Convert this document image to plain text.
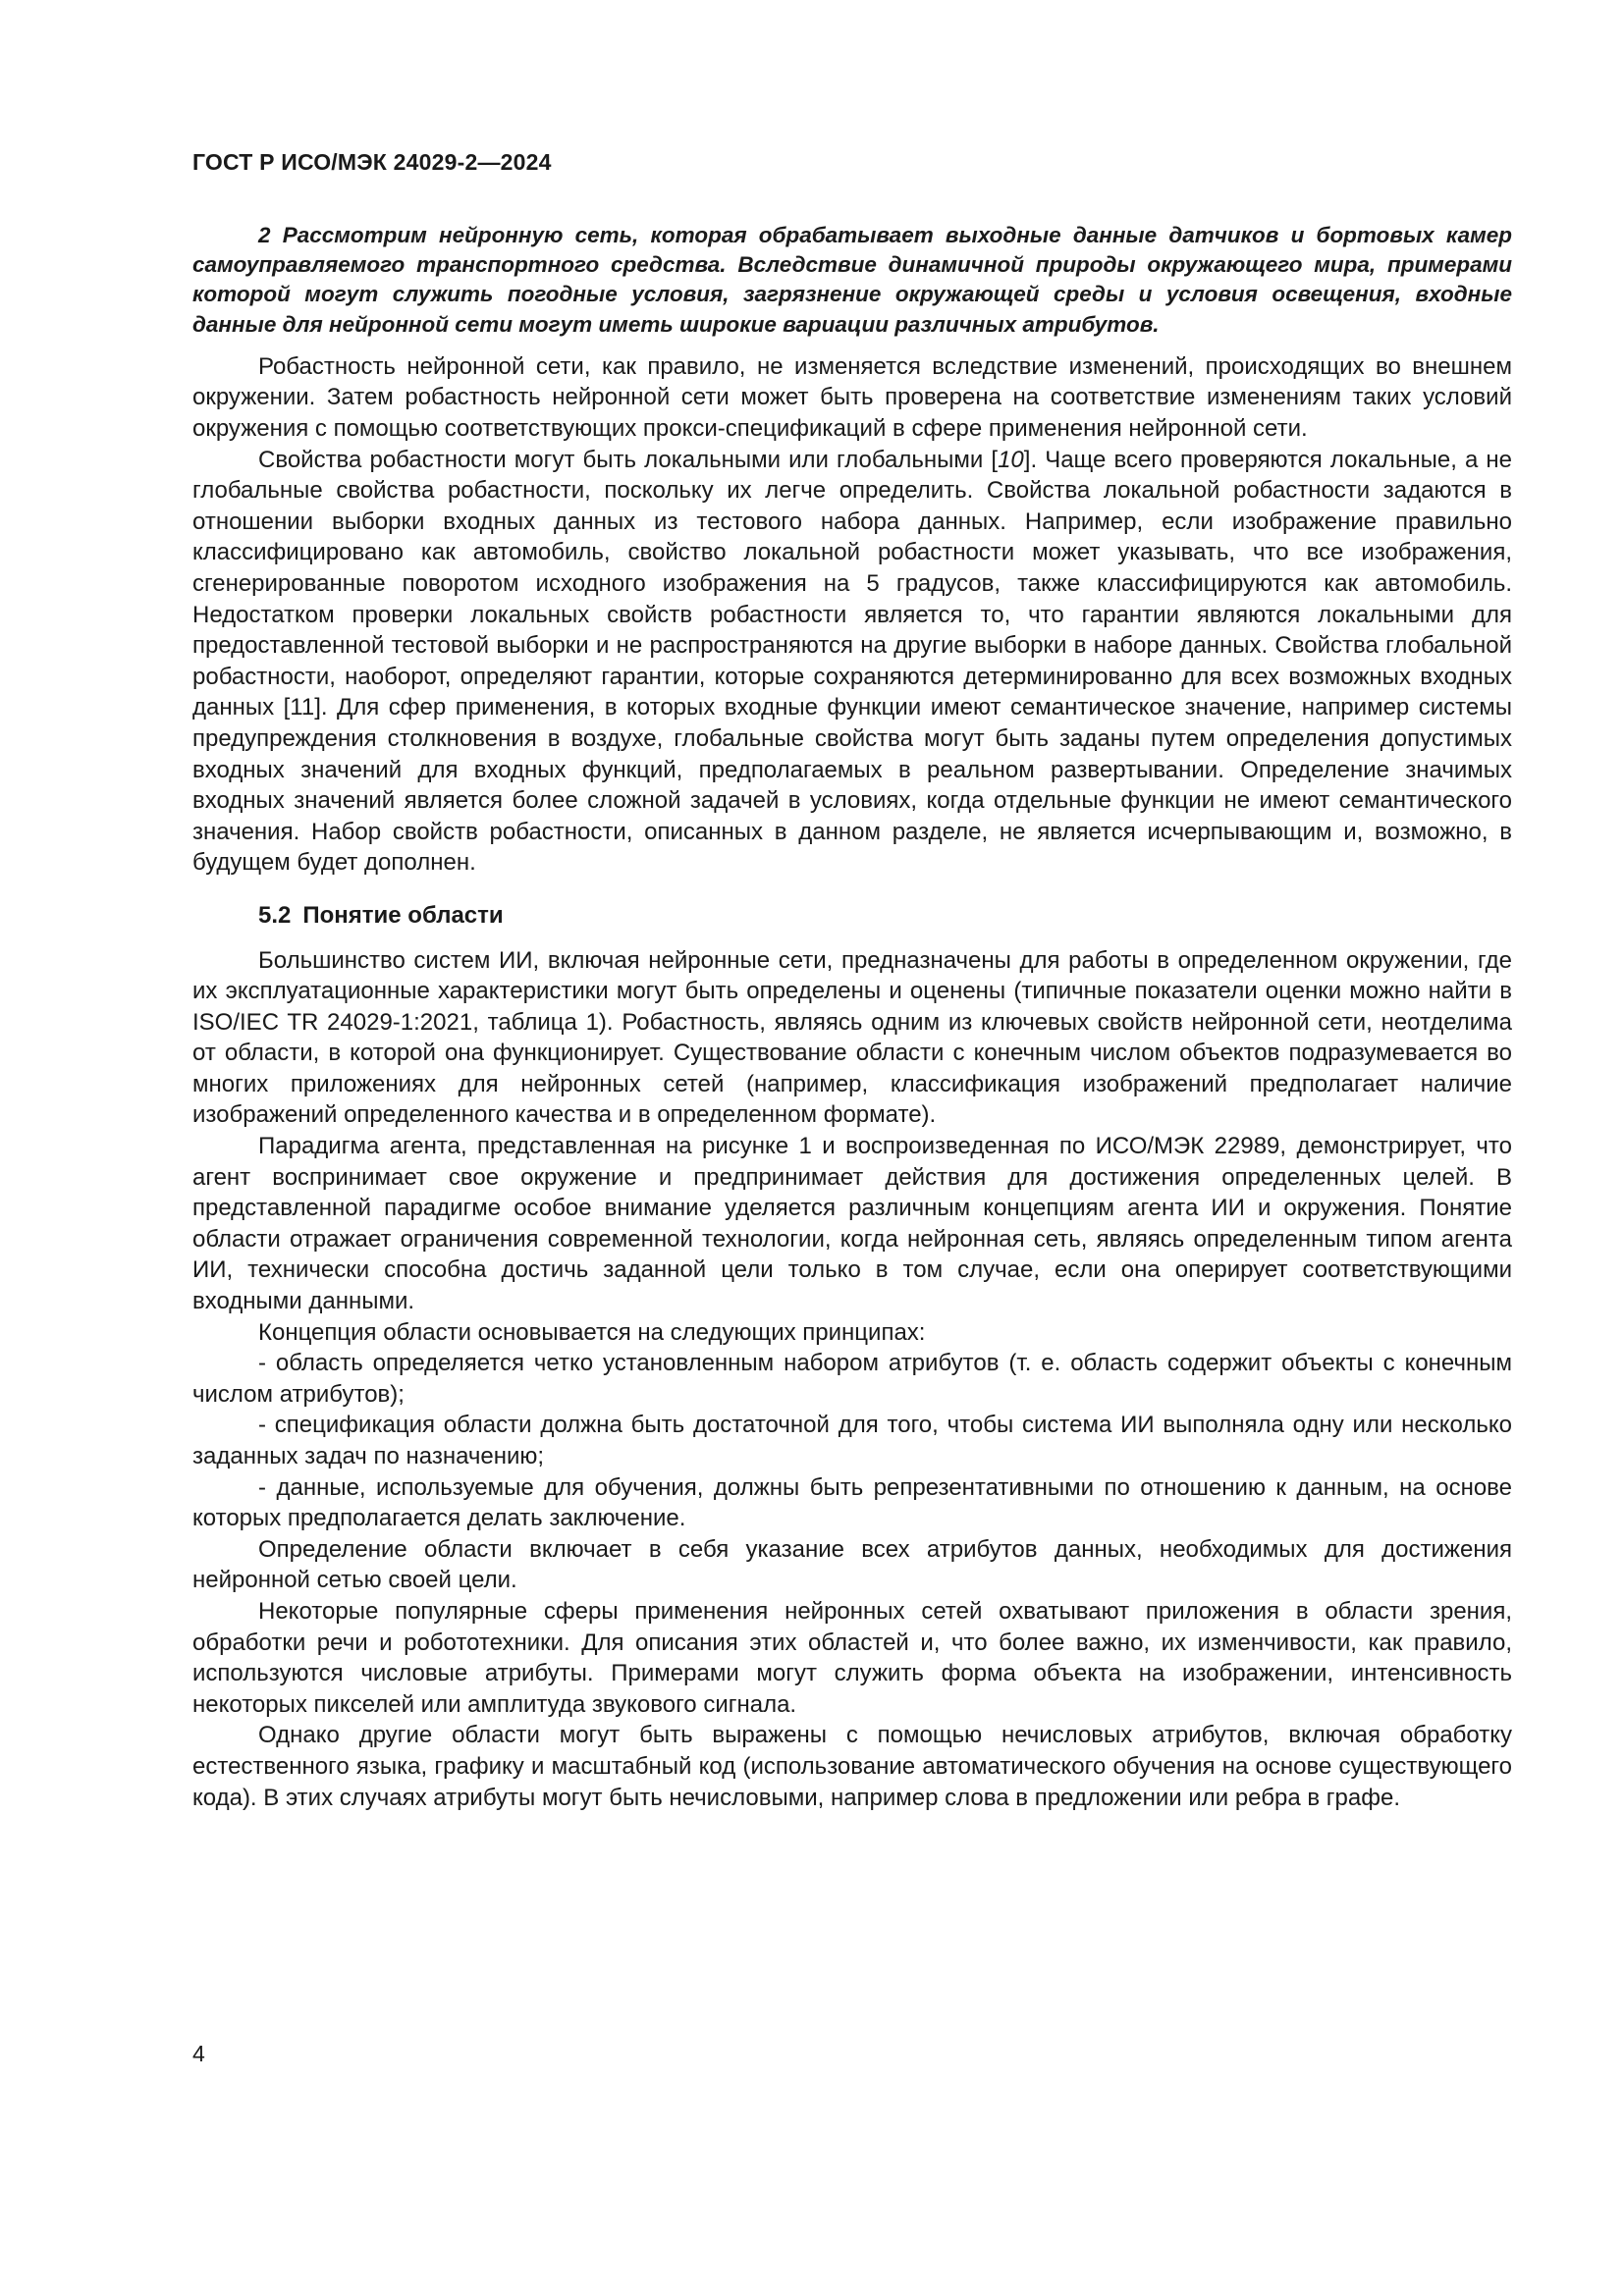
ГОСТ Р ИСО/МЭК 24029-2—2024

2 Рассмотрим нейронную сеть, которая обрабатывает выходные данные датчиков и бортовых камер самоуправляемого транспортного средства. Вследствие динамичной природы окружающего мира, примерами которой могут служить погодные условия, загрязнение окружающей среды и условия освещения, входные данные для нейронной сети могут иметь широкие вариации различных атрибутов.

Робастность нейронной сети, как правило, не изменяется вследствие изменений, происходящих во внешнем окружении. Затем робастность нейронной сети может быть проверена на соответствие изменениям таких условий окружения с помощью соответствующих прокси-спецификаций в сфере применения нейронной сети.

Свойства робастности могут быть локальными или глобальными [10]. Чаще всего проверяются локальные, а не глобальные свойства робастности, поскольку их легче определить. Свойства локальной робастности задаются в отношении выборки входных данных из тестового набора данных. Например, если изображение правильно классифицировано как автомобиль, свойство локальной робастности может указывать, что все изображения, сгенерированные поворотом исходного изображения на 5 градусов, также классифицируются как автомобиль. Недостатком проверки локальных свойств робастности является то, что гарантии являются локальными для предоставленной тестовой выборки и не распространяются на другие выборки в наборе данных. Свойства глобальной робастности, наоборот, определяют гарантии, которые сохраняются детерминированно для всех возможных входных данных [11]. Для сфер применения, в которых входные функции имеют семантическое значение, например системы предупреждения столкновения в воздухе, глобальные свойства могут быть заданы путем определения допустимых входных значений для входных функций, предполагаемых в реальном развертывании. Определение значимых входных значений является более сложной задачей в условиях, когда отдельные функции не имеют семантического значения. Набор свойств робастности, описанных в данном разделе, не является исчерпывающим и, возможно, в будущем будет дополнен.

5.2 Понятие области

Большинство систем ИИ, включая нейронные сети, предназначены для работы в определенном окружении, где их эксплуатационные характеристики могут быть определены и оценены (типичные показатели оценки можно найти в ISO/IEC TR 24029-1:2021, таблица 1). Робастность, являясь одним из ключевых свойств нейронной сети, неотделима от области, в которой она функционирует. Существование области с конечным числом объектов подразумевается во многих приложениях для нейронных сетей (например, классификация изображений предполагает наличие изображений определенного качества и в определенном формате).

Парадигма агента, представленная на рисунке 1 и воспроизведенная по ИСО/МЭК 22989, демонстрирует, что агент воспринимает свое окружение и предпринимает действия для достижения определенных целей. В представленной парадигме особое внимание уделяется различным концепциям агента ИИ и окружения. Понятие области отражает ограничения современной технологии, когда нейронная сеть, являясь определенным типом агента ИИ, технически способна достичь заданной цели только в том случае, если она оперирует соответствующими входными данными.

Концепция области основывается на следующих принципах:

- область определяется четко установленным набором атрибутов (т. е. область содержит объекты с конечным числом атрибутов);

- спецификация области должна быть достаточной для того, чтобы система ИИ выполняла одну или несколько заданных задач по назначению;

- данные, используемые для обучения, должны быть репрезентативными по отношению к данным, на основе которых предполагается делать заключение.

Определение области включает в себя указание всех атрибутов данных, необходимых для достижения нейронной сетью своей цели.

Некоторые популярные сферы применения нейронных сетей охватывают приложения в области зрения, обработки речи и робототехники. Для описания этих областей и, что более важно, их изменчивости, как правило, используются числовые атрибуты. Примерами могут служить форма объекта на изображении, интенсивность некоторых пикселей или амплитуда звукового сигнала.

Однако другие области могут быть выражены с помощью нечисловых атрибутов, включая обработку естественного языка, графику и масштабный код (использование автоматического обучения на основе существующего кода). В этих случаях атрибуты могут быть нечисловыми, например слова в предложении или ребра в графе.

4
